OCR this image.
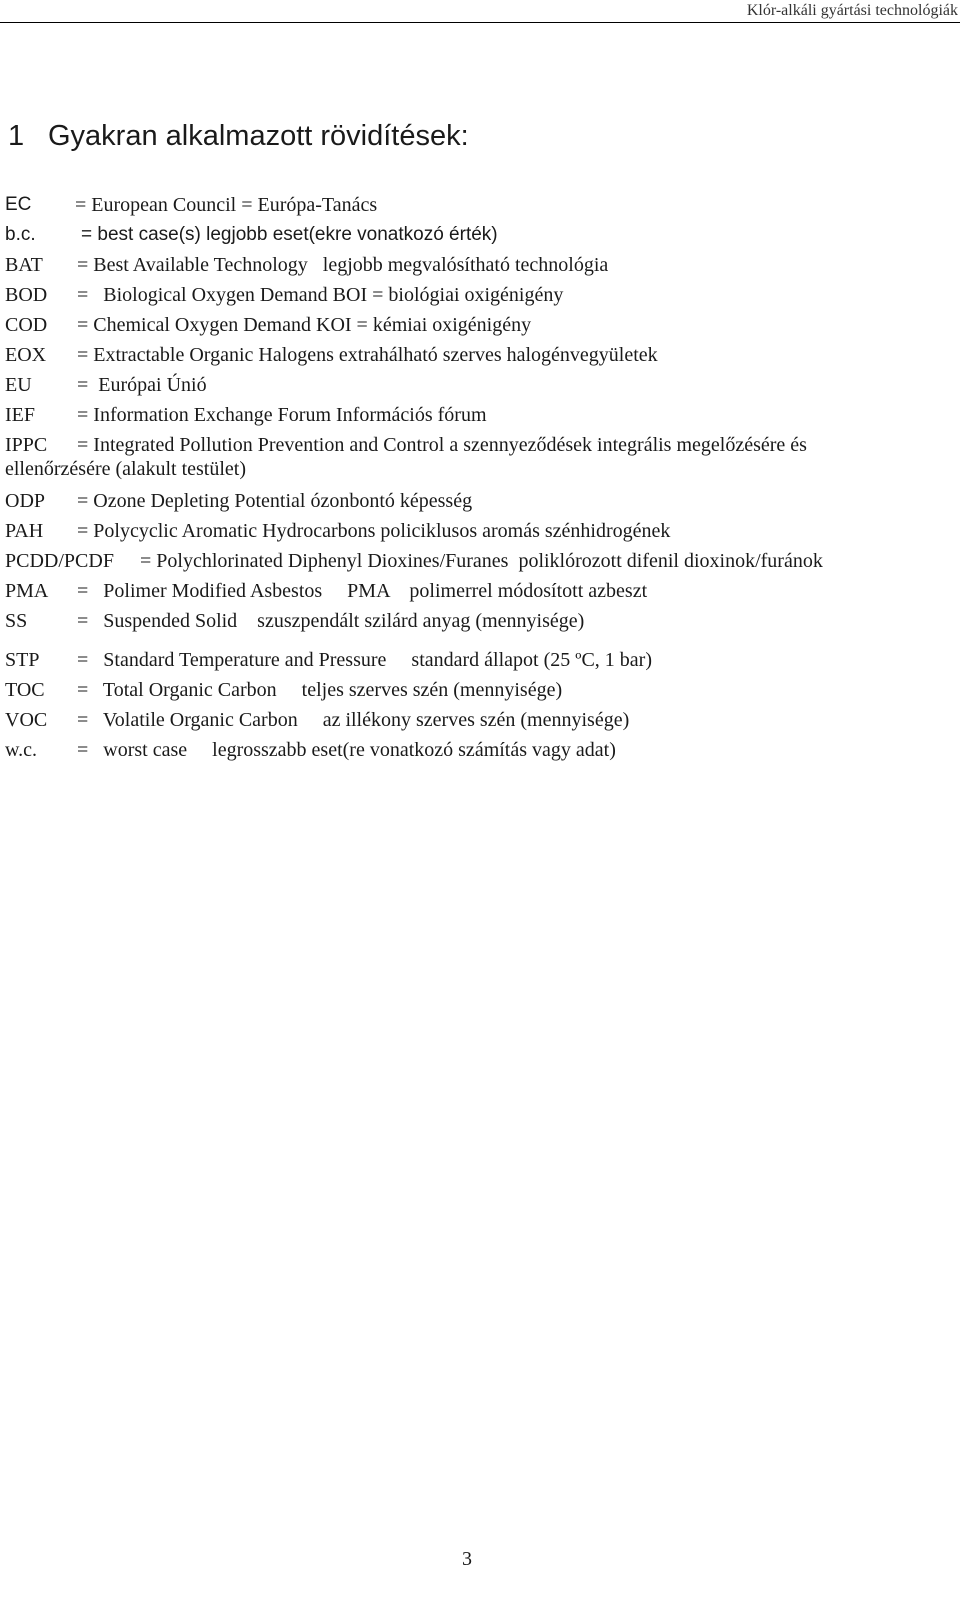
Klór-alkáli gyártási technológiák
1 Gyakran alkalmazott rövidítések:
EC = European Council = Európa-Tanács
b.c. = best case(s) legjobb eset(ekre vonatkozó érték)
BAT = Best Available Technology   legjobb megvalósítható technológia
BOD =   Biological Oxygen Demand BOI = biológiai oxigénigény
COD = Chemical Oxygen Demand KOI = kémiai oxigénigény
EOX = Extractable Organic Halogens extrahálható szerves halogénvegyületek
EU =  Európai Únió
IEF = Information Exchange Forum Információs fórum
IPPC = Integrated Pollution Prevention and Control a szennyeződések integrális megelőzésére és
ellenőrzésére (alakult testület)
ODP = Ozone Depleting Potential ózonbontó képesség
PAH = Polycyclic Aromatic Hydrocarbons policiklusos aromás szénhidrogének
PCDD/PCDF = Polychlorinated Diphenyl Dioxines/Furanes  poliklórozott difenil dioxinok/furánok
PMA =   Polimer Modified Asbestos     PMA    polimerrel módosított azbeszt
SS =   Suspended Solid    szuszpendált szilárd anyag (mennyisége)
STP =   Standard Temperature and Pressure     standard állapot (25 ºC, 1 bar)
TOC =   Total Organic Carbon     teljes szerves szén (mennyisége)
VOC =   Volatile Organic Carbon     az illékony szerves szén (mennyisége)
w.c. =   worst case     legrosszabb eset(re vonatkozó számítás vagy adat)
3
